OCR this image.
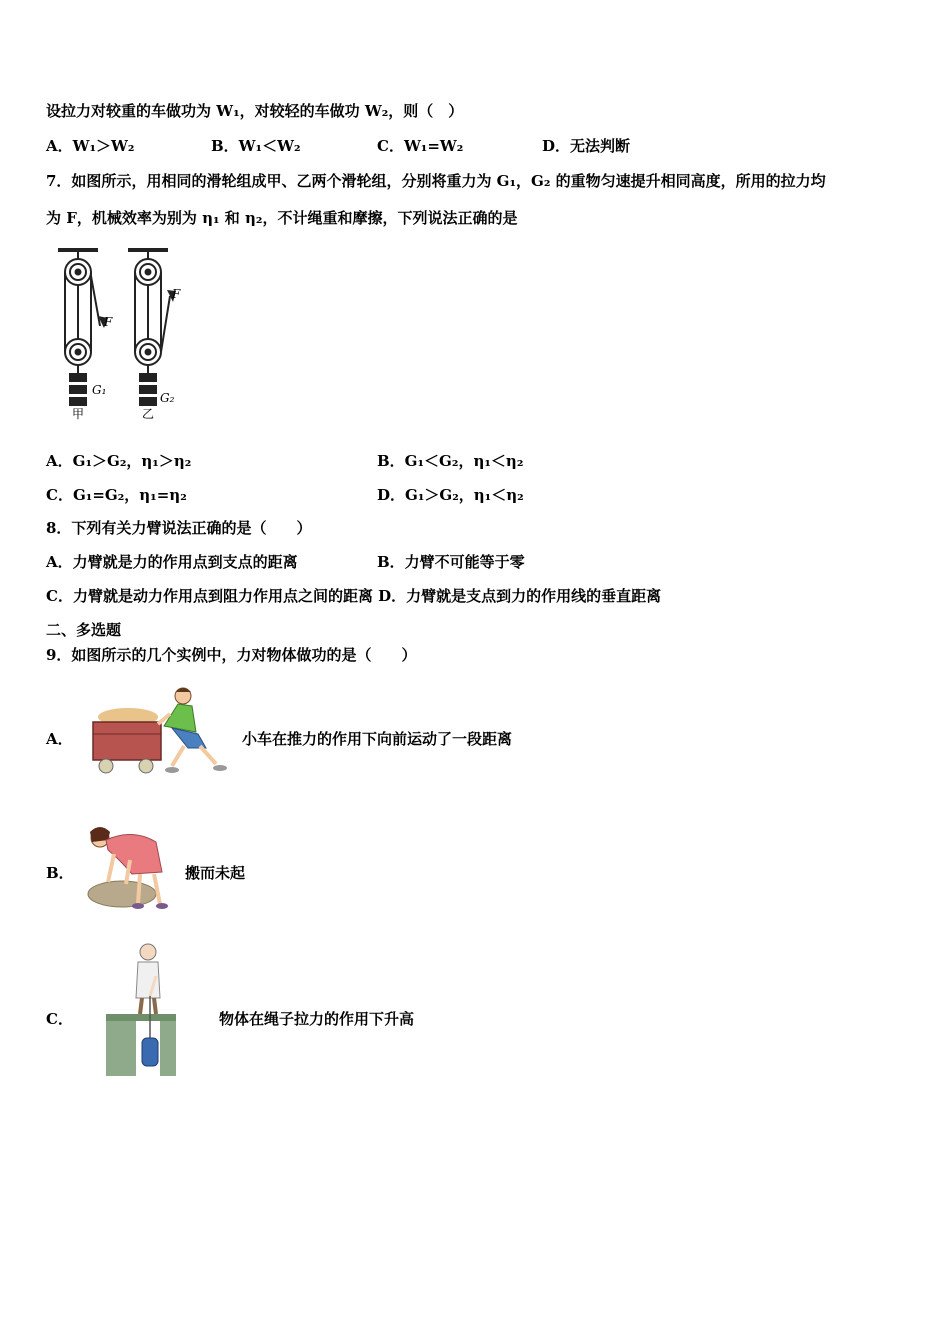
设拉力对较重的车做功为 W₁，对较轻的车做功 W₂，则（　）
A．W₁＞W₂	B．W₁＜W₂	C．W₁=W₂	D．无法判断
7．如图所示，用相同的滑轮组成甲、乙两个滑轮组，分别将重力为 G₁，G₂ 的重物匀速提升相同高度，所用的拉力均
为 F，机械效率为别为 η₁ 和 η₂，不计绳重和摩擦，下列说法正确的是
F
F
G₁
G₂
甲	乙
A．G₁＞G₂，η₁＞η₂	B．G₁＜G₂，η₁＜η₂
C．G₁=G₂，η₁=η₂	D．G₁＞G₂，η₁＜η₂
8．下列有关力臂说法正确的是（　　）
A．力臂就是力的作用点到支点的距离	B．力臂不可能等于零
C．力臂就是动力作用点到阻力作用点之间的距离 D．力臂就是支点到力的作用线的垂直距离
二、多选题
9．如图所示的几个实例中，力对物体做功的是（　　）
A．	小车在推力的作用下向前运动了一段距离
B．	搬而未起
C．	物体在绳子拉力的作用下升高
